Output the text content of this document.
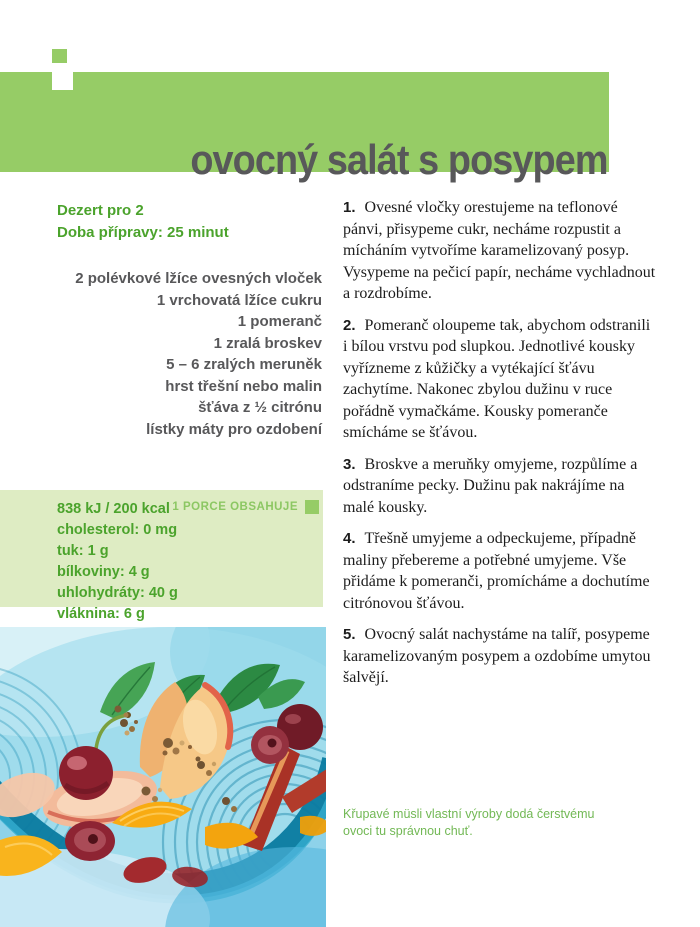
ovocný salát s posypem
Dezert pro 2
Doba přípravy: 25 minut
2 polévkové lžíce ovesných vloček
1 vrchovatá lžíce cukru
1 pomeranč
1 zralá broskev
5 – 6 zralých meruněk
hrst třešní nebo malin
šťáva z ½ citrónu
lístky máty pro ozdobení
838 kJ / 200 kcal
cholesterol: 0 mg
tuk: 1 g
bílkoviny: 4 g
uhlohydráty: 40 g
vláknina: 6 g
1 PORCE OBSAHUJE

1. Ovesné vločky orestujeme na teflonové pánvi, přisypeme cukr, necháme rozpustit a mícháním vytvoříme karamelizovaný posyp. Vysypeme na pečicí papír, necháme vychladnout a rozdrobíme.

2. Pomeranč oloupeme tak, abychom odstranili i bílou vrstvu pod slupkou. Jednotlivé kousky vyřízneme z kůžičky a vytékající šťávu zachytíme. Nakonec zbylou dužinu v ruce pořádně vymačkáme. Kousky pomeranče smícháme se šťávou.

3. Broskve a meruňky omyjeme, rozpůlíme a odstraníme pecky. Dužinu pak nakrájíme na malé kousky.

4. Třešně umyjeme a odpeckujeme, případně maliny přebereme a potřebné umyjeme. Vše přidáme k pomeranči, promícháme a dochutíme citrónovou šťávou.

5. Ovocný salát nachystáme na talíř, posypeme karamelizovaným posypem a ozdobíme umytou šalvějí.

Křupavé müsli vlastní výroby dodá čerstvému ovoci tu správnou chuť.
